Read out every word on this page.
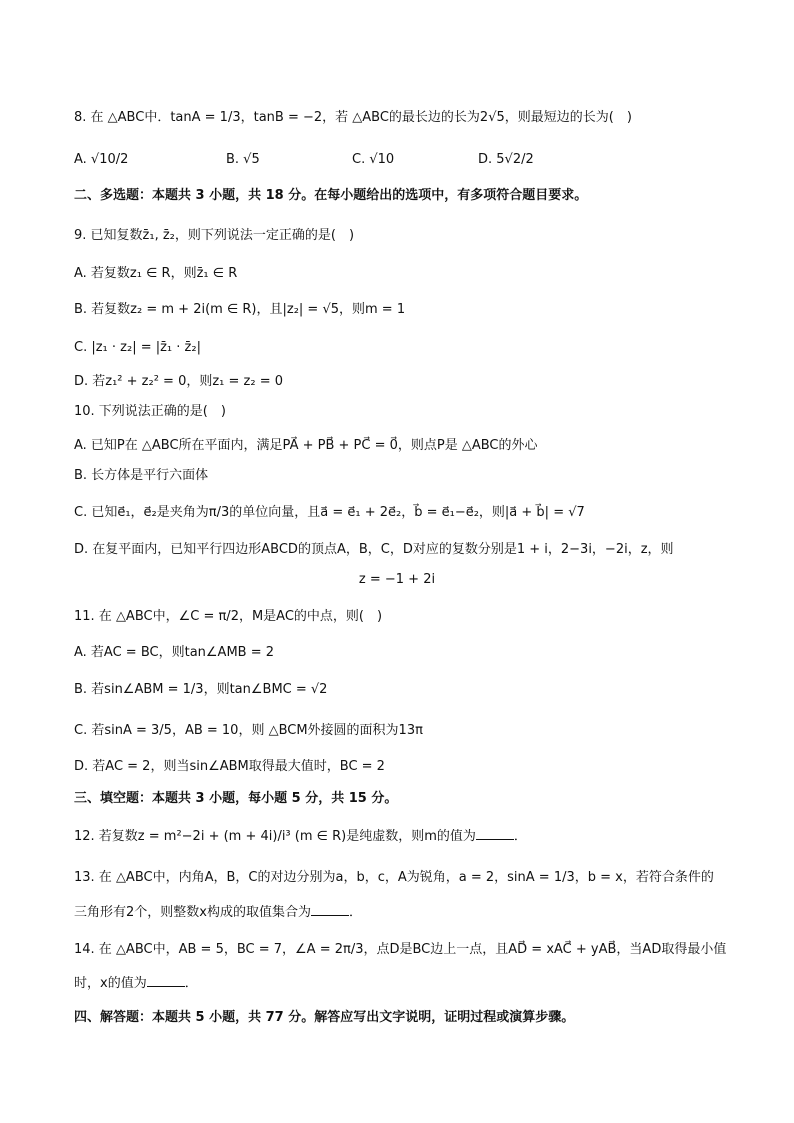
8. 在 △ABC中．tanA = 1/3，tanB = −2，若 △ABC的最长边的长为2√5，则最短边的长为(　)
A. √10/2	B. √5	C. √10	D. 5√2/2
二、多选题：本题共 3 小题，共 18 分。在每小题给出的选项中，有多项符合题目要求。
9. 已知复数z̄₁, z̄₂，则下列说法一定正确的是(　)
A. 若复数z₁ ∈ R，则z̄₁ ∈ R
B. 若复数z₂ = m + 2i(m ∈ R)，且|z₂| = √5，则m = 1
C. |z₁ · z₂| = |z̄₁ · z̄₂|
D. 若z₁² + z₂² = 0，则z₁ = z₂ = 0
10. 下列说法正确的是(　)
A. 已知P在 △ABC所在平面内，满足PA⃗ + PB⃗ + PC⃗ = 0⃗，则点P是 △ABC的外心
B. 长方体是平行六面体
C. 已知e⃗₁，e⃗₂是夹角为π/3的单位向量，且a⃗ = e⃗₁ + 2e⃗₂，b⃗ = e⃗₁−e⃗₂，则|a⃗ + b⃗| = √7
D. 在复平面内，已知平行四边形ABCD的顶点A，B，C，D对应的复数分别是1 + i，2−3i，−2i，z，则
z = −1 + 2i
11. 在 △ABC中，∠C = π/2，M是AC的中点，则(　)
A. 若AC = BC，则tan∠AMB = 2
B. 若sin∠ABM = 1/3，则tan∠BMC = √2
C. 若sinA = 3/5，AB = 10，则 △BCM外接圆的面积为13π
D. 若AC = 2，则当sin∠ABM取得最大值时，BC = 2
三、填空题：本题共 3 小题，每小题 5 分，共 15 分。
12. 若复数z = m²−2i + (m + 4i)/i³ (m ∈ R)是纯虚数，则m的值为	．
13. 在 △ABC中，内角A，B，C的对边分别为a，b，c，A为锐角，a = 2，sinA = 1/3，b = x，若符合条件的
三角形有2个，则整数x构成的取值集合为	．
14. 在 △ABC中，AB = 5，BC = 7，∠A = 2π/3，点D是BC边上一点，且AD⃗ = xAC⃗ + yAB⃗，当AD取得最小值
时，x的值为	．
四、解答题：本题共 5 小题，共 77 分。解答应写出文字说明，证明过程或演算步骤。
